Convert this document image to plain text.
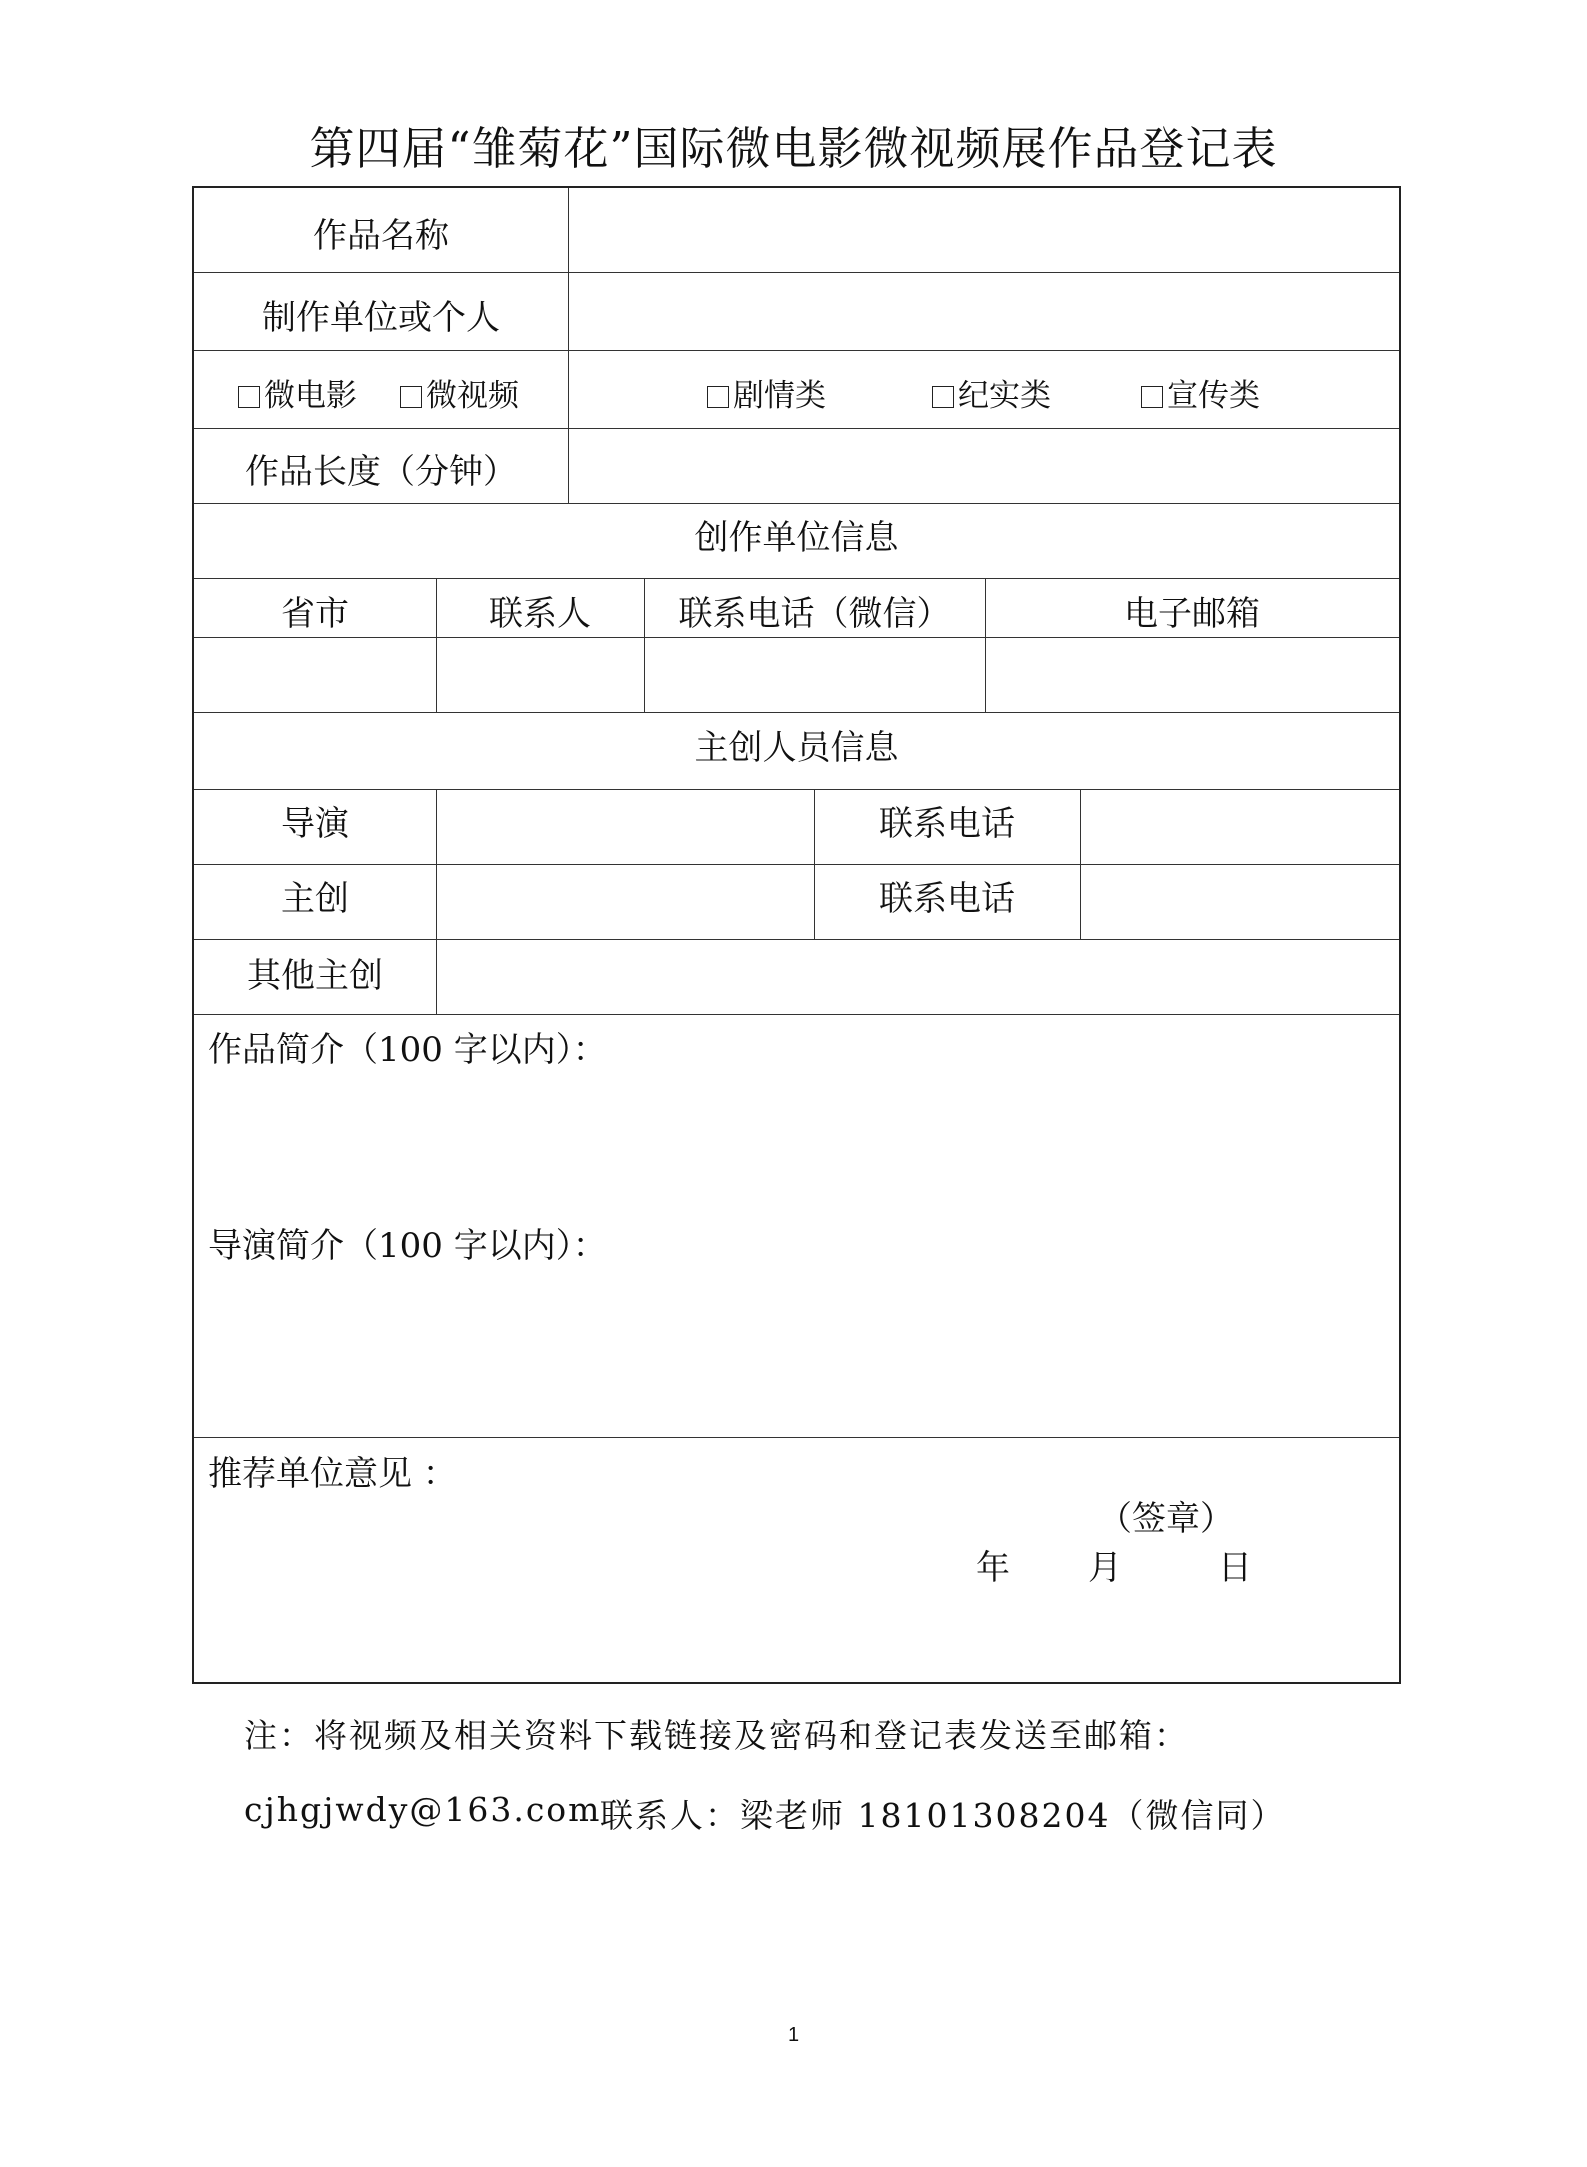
第四届“雏菊花”国际微电影微视频展作品登记表
作品名称
制作单位或个人
微电影	微视频	剧情类	纪实类	宣传类
作品长度（分钟）
创作单位信息
省市	联系人	联系电话（微信）	电子邮箱
主创人员信息
导演	联系电话
主创	联系电话
其他主创
作品简介（100 字以内）：
导演简介（100 字以内）：
推荐单位意见 ：
（签章）
年 月	日
注：将视频及相关资料下载链接及密码和登记表发送至邮箱：
cjhgjwdy@163.com
联系人：梁老师 18101308204（微信同）
1
